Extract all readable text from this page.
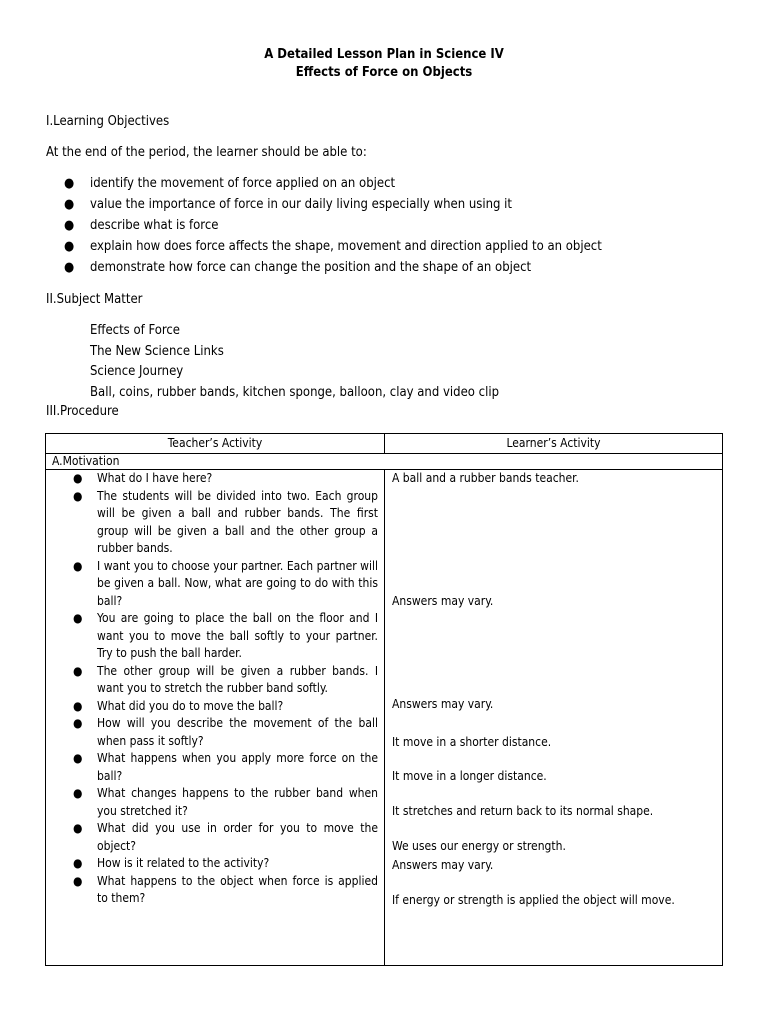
A Detailed Lesson Plan in Science IV
Effects of Force on Objects
I.Learning Objectives
At the end of the period, the learner should be able to:
● identify the movement of force applied on an object
● value the importance of force in our daily living especially when using it
● describe what is force
● explain how does force affects the shape, movement and direction applied to an object
● demonstrate how force can change the position and the shape of an object
II.Subject Matter
Effects of Force
The New Science Links
Science Journey
Ball, coins, rubber bands, kitchen sponge, balloon, clay and video clip
III.Procedure
Teacher’s Activity	Learner’s Activity
A.Motivation
● What do I have here?
● The students will be divided into two. Each group will be given a ball and rubber bands. The first group will be given a ball and the other group a rubber bands.
● I want you to choose your partner. Each partner will be given a ball. Now, what are going to do with this ball?
● You are going to place the ball on the floor and I want you to move the ball softly to your partner. Try to push the ball harder.
● The other group will be given a rubber bands. I want you to stretch the rubber band softly.
● What did you do to move the ball?
● How will you describe the movement of the ball when pass it softly?
● What happens when you apply more force on the ball?
● What changes happens to the rubber band when you stretched it?
● What did you use in order for you to move the object?
● How is it related to the activity?
● What happens to the object when force is applied to them?
A ball and a rubber bands teacher.
Answers may vary.
Answers may vary.
It move in a shorter distance.
It move in a longer distance.
It stretches and return back to its normal shape.
We uses our energy or strength.
Answers may vary.
If energy or strength is applied the object will move.
